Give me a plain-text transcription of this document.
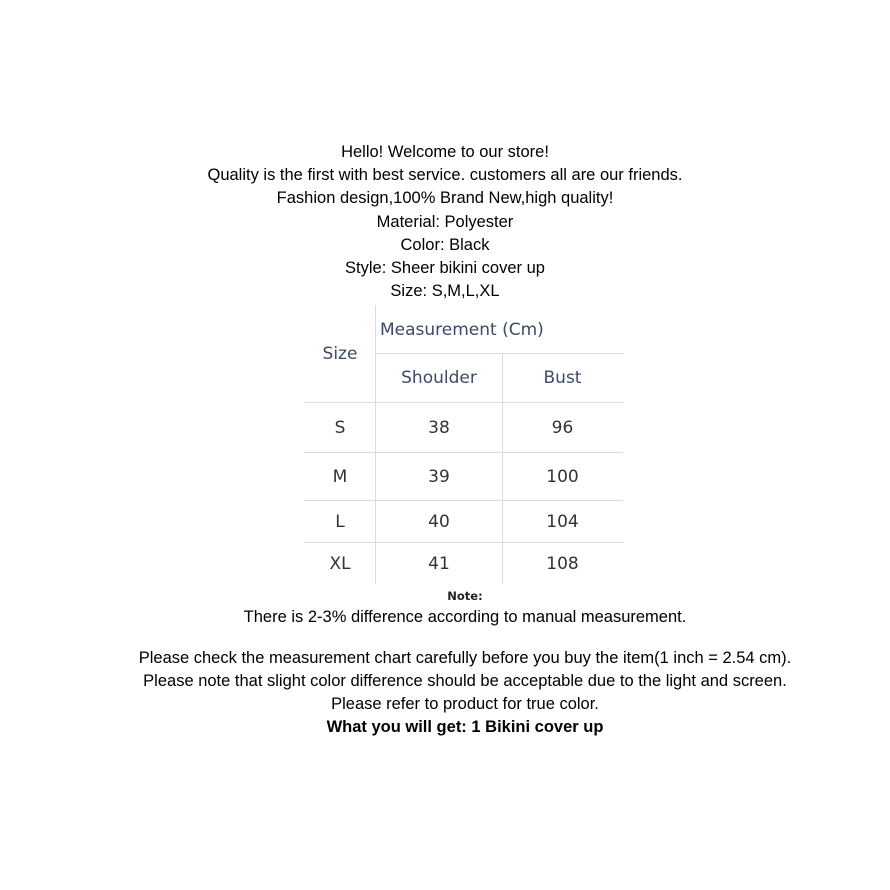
Hello! Welcome to our store!
Quality is the first with best service. customers all are our friends.
Fashion design,100% Brand New,high quality!
Material: Polyester
Color: Black
Style: Sheer bikini cover up
Size: S,M,L,XL
Size	Measurement (Cm)	
	Shoulder	Bust
S	38	96
M	39	100
L	40	104
XL	41	108
Note:
There is 2-3% difference according to manual measurement.
Please check the measurement chart carefully before you buy the item(1 inch = 2.54 cm).
Please note that slight color difference should be acceptable due to the light and screen.
Please refer to product for true color.
What you will get: 1 Bikini cover up
